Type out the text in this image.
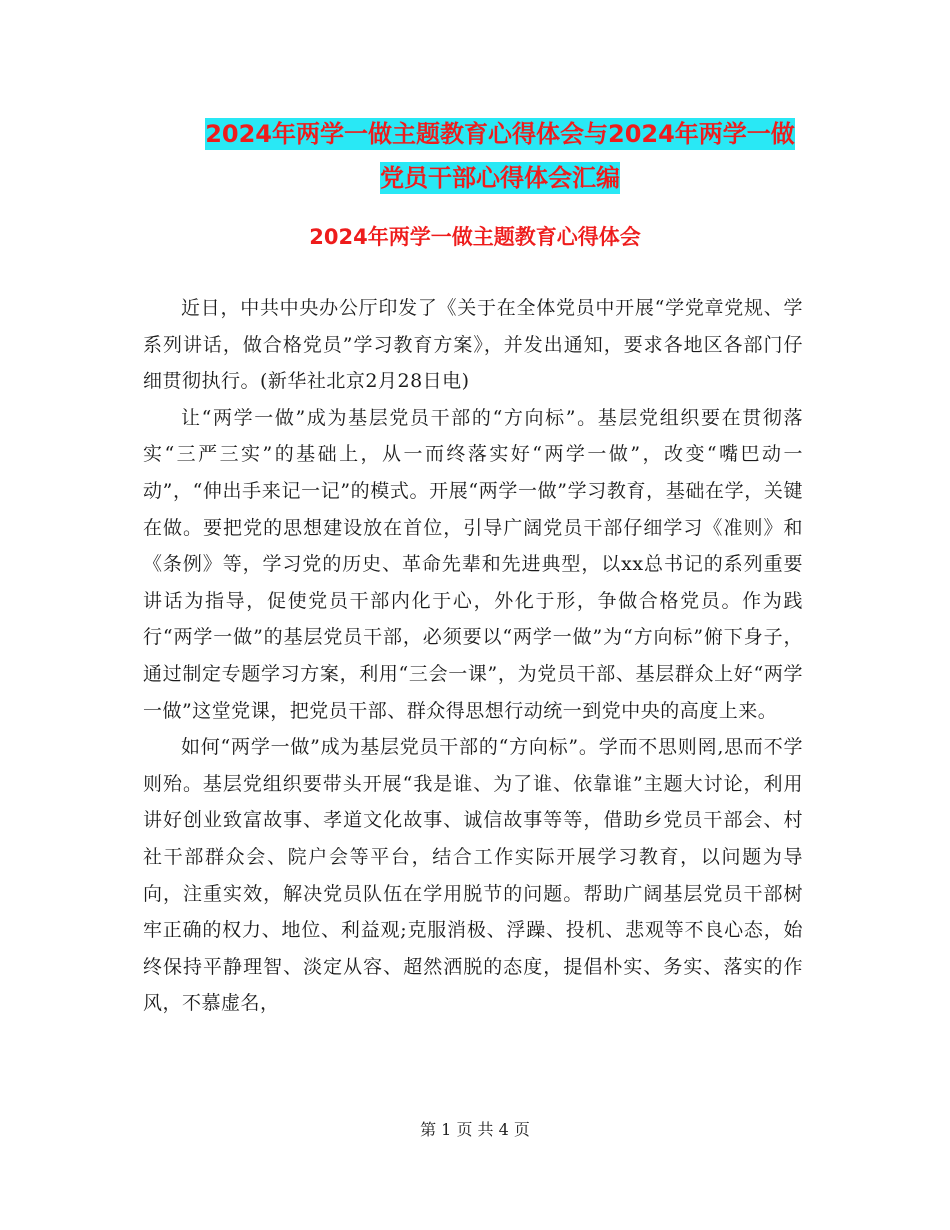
2024年两学一做主题教育心得体会与2024年两学一做
党员干部心得体会汇编
2024年两学一做主题教育心得体会

近日，中共中央办公厅印发了《关于在全体党员中开展“学党章党规、学系列讲话，做合格党员”学习教育方案》，并发出通知，要求各地区各部门仔细贯彻执行。(新华社北京2月28日电)

让“两学一做”成为基层党员干部的“方向标”。基层党组织要在贯彻落实“三严三实”的基础上，从一而终落实好“两学一做”，改变“嘴巴动一动”，“伸出手来记一记”的模式。开展“两学一做”学习教育，基础在学，关键在做。要把党的思想建设放在首位，引导广阔党员干部仔细学习《准则》和《条例》等，学习党的历史、革命先辈和先进典型，以xx总书记的系列重要讲话为指导，促使党员干部内化于心，外化于形，争做合格党员。作为践行“两学一做”的基层党员干部，必须要以“两学一做”为“方向标”俯下身子，通过制定专题学习方案，利用“三会一课”，为党员干部、基层群众上好“两学一做”这堂党课，把党员干部、群众得思想行动统一到党中央的高度上来。

如何“两学一做”成为基层党员干部的“方向标”。学而不思则罔,思而不学则殆。基层党组织要带头开展“我是谁、为了谁、依靠谁”主题大讨论，利用讲好创业致富故事、孝道文化故事、诚信故事等等，借助乡党员干部会、村社干部群众会、院户会等平台，结合工作实际开展学习教育，以问题为导向，注重实效，解决党员队伍在学用脱节的问题。帮助广阔基层党员干部树牢正确的权力、地位、利益观;克服消极、浮躁、投机、悲观等不良心态，始终保持平静理智、淡定从容、超然洒脱的态度，提倡朴实、务实、落实的作风，不慕虚名，

第 1 页 共 4 页
